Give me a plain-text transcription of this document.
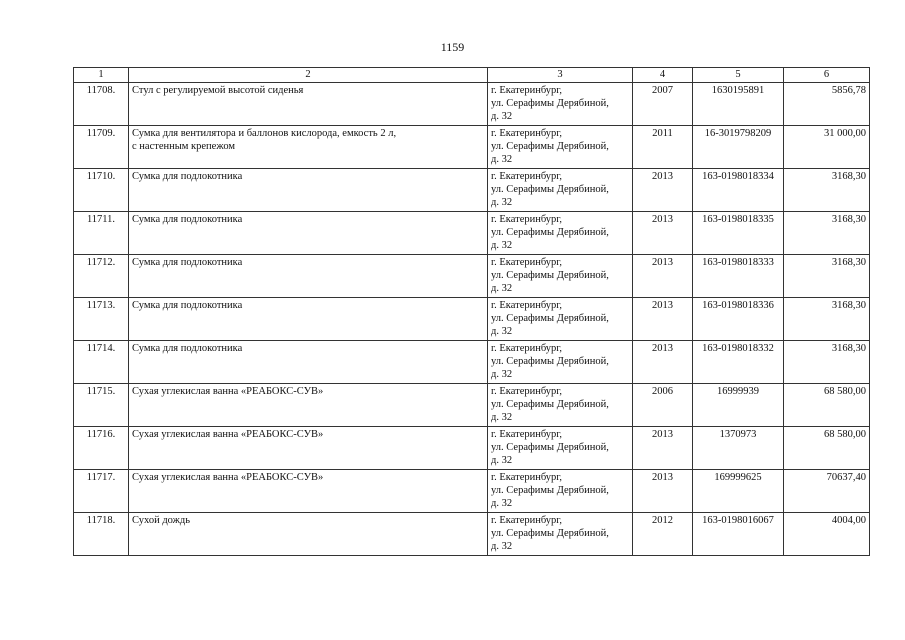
1159
1	2	3	4	5	6
11708.	Стул с регулируемой высотой сиденья	г. Екатеринбург,
ул. Серафимы Дерябиной,
д. 32	2007	1630195891	5856,78
11709.	Сумка для вентилятора и баллонов кислорода, емкость 2 л,
с настенным крепежом	г. Екатеринбург,
ул. Серафимы Дерябиной,
д. 32	2011	16-3019798209	31 000,00
11710.	Сумка для подлокотника	г. Екатеринбург,
ул. Серафимы Дерябиной,
д. 32	2013	163-0198018334	3168,30
11711.	Сумка для подлокотника	г. Екатеринбург,
ул. Серафимы Дерябиной,
д. 32	2013	163-0198018335	3168,30
11712.	Сумка для подлокотника	г. Екатеринбург,
ул. Серафимы Дерябиной,
д. 32	2013	163-0198018333	3168,30
11713.	Сумка для подлокотника	г. Екатеринбург,
ул. Серафимы Дерябиной,
д. 32	2013	163-0198018336	3168,30
11714.	Сумка для подлокотника	г. Екатеринбург,
ул. Серафимы Дерябиной,
д. 32	2013	163-0198018332	3168,30
11715.	Сухая углекислая ванна «РЕАБОКС-СУВ»	г. Екатеринбург,
ул. Серафимы Дерябиной,
д. 32	2006	16999939	68 580,00
11716.	Сухая углекислая ванна «РЕАБОКС-СУВ»	г. Екатеринбург,
ул. Серафимы Дерябиной,
д. 32	2013	1370973	68 580,00
11717.	Сухая углекислая ванна «РЕАБОКС-СУВ»	г. Екатеринбург,
ул. Серафимы Дерябиной,
д. 32	2013	169999625	70637,40
11718.	Сухой дождь	г. Екатеринбург,
ул. Серафимы Дерябиной,
д. 32	2012	163-0198016067	4004,00
